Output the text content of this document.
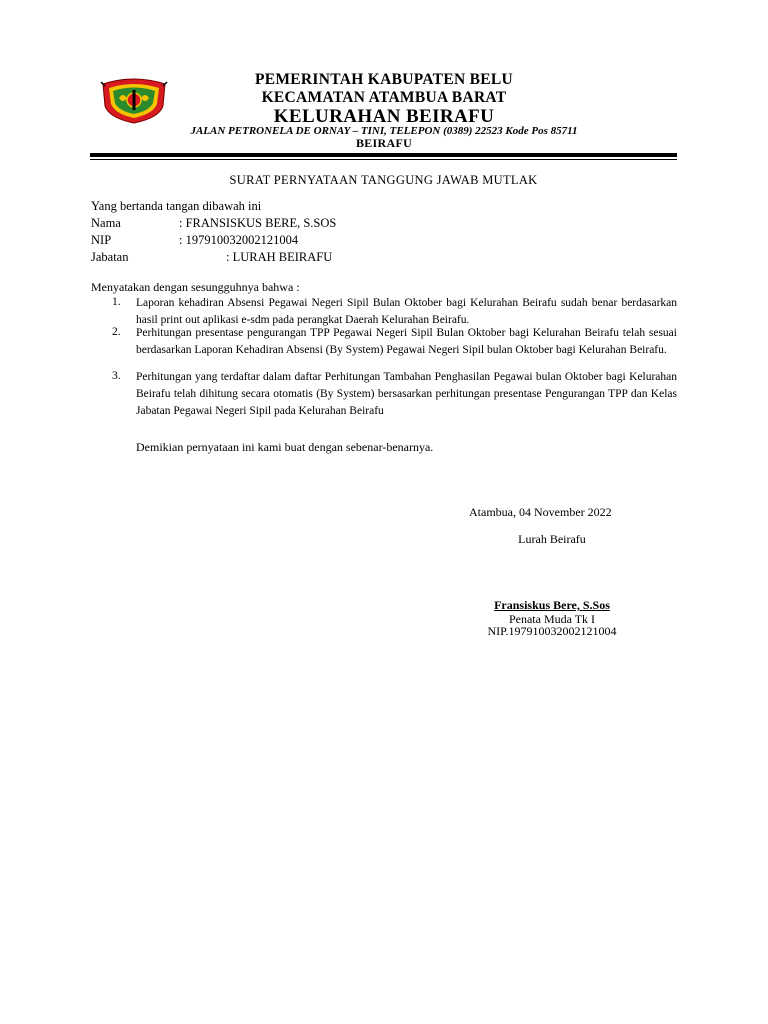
PEMERINTAH KABUPATEN BELU
KECAMATAN ATAMBUA BARAT
KELURAHAN BEIRAFU
JALAN PETRONELA DE ORNAY – TINI, TELEPON (0389) 22523 Kode Pos 85711
BEIRAFU
SURAT PERNYATAAN TANGGUNG JAWAB MUTLAK
Yang bertanda tangan dibawah ini
Nama	: FRANSISKUS BERE, S.SOS
NIP	: 197910032002121004
Jabatan	: LURAH BEIRAFU
Menyatakan dengan sesungguhnya bahwa :
1. Laporan kehadiran Absensi Pegawai Negeri Sipil Bulan Oktober bagi Kelurahan Beirafu sudah benar berdasarkan hasil print out aplikasi e-sdm pada perangkat Daerah Kelurahan Beirafu.
2. Perhitungan presentase pengurangan TPP Pegawai Negeri Sipil Bulan Oktober bagi Kelurahan Beirafu telah sesuai berdasarkan Laporan Kehadiran Absensi (By System) Pegawai Negeri Sipil bulan Oktober bagi Kelurahan Beirafu.
3. Perhitungan yang terdaftar dalam daftar Perhitungan Tambahan Penghasilan Pegawai bulan Oktober bagi Kelurahan Beirafu telah dihitung secara otomatis (By System) bersasarkan perhitungan presentase Pengurangan TPP dan Kelas Jabatan Pegawai Negeri Sipil pada Kelurahan Beirafu
Demikian pernyataan ini kami buat dengan sebenar-benarnya.
Atambua, 04 November 2022
Lurah Beirafu
Fransiskus Bere, S.Sos
Penata Muda Tk I
NIP.197910032002121004
